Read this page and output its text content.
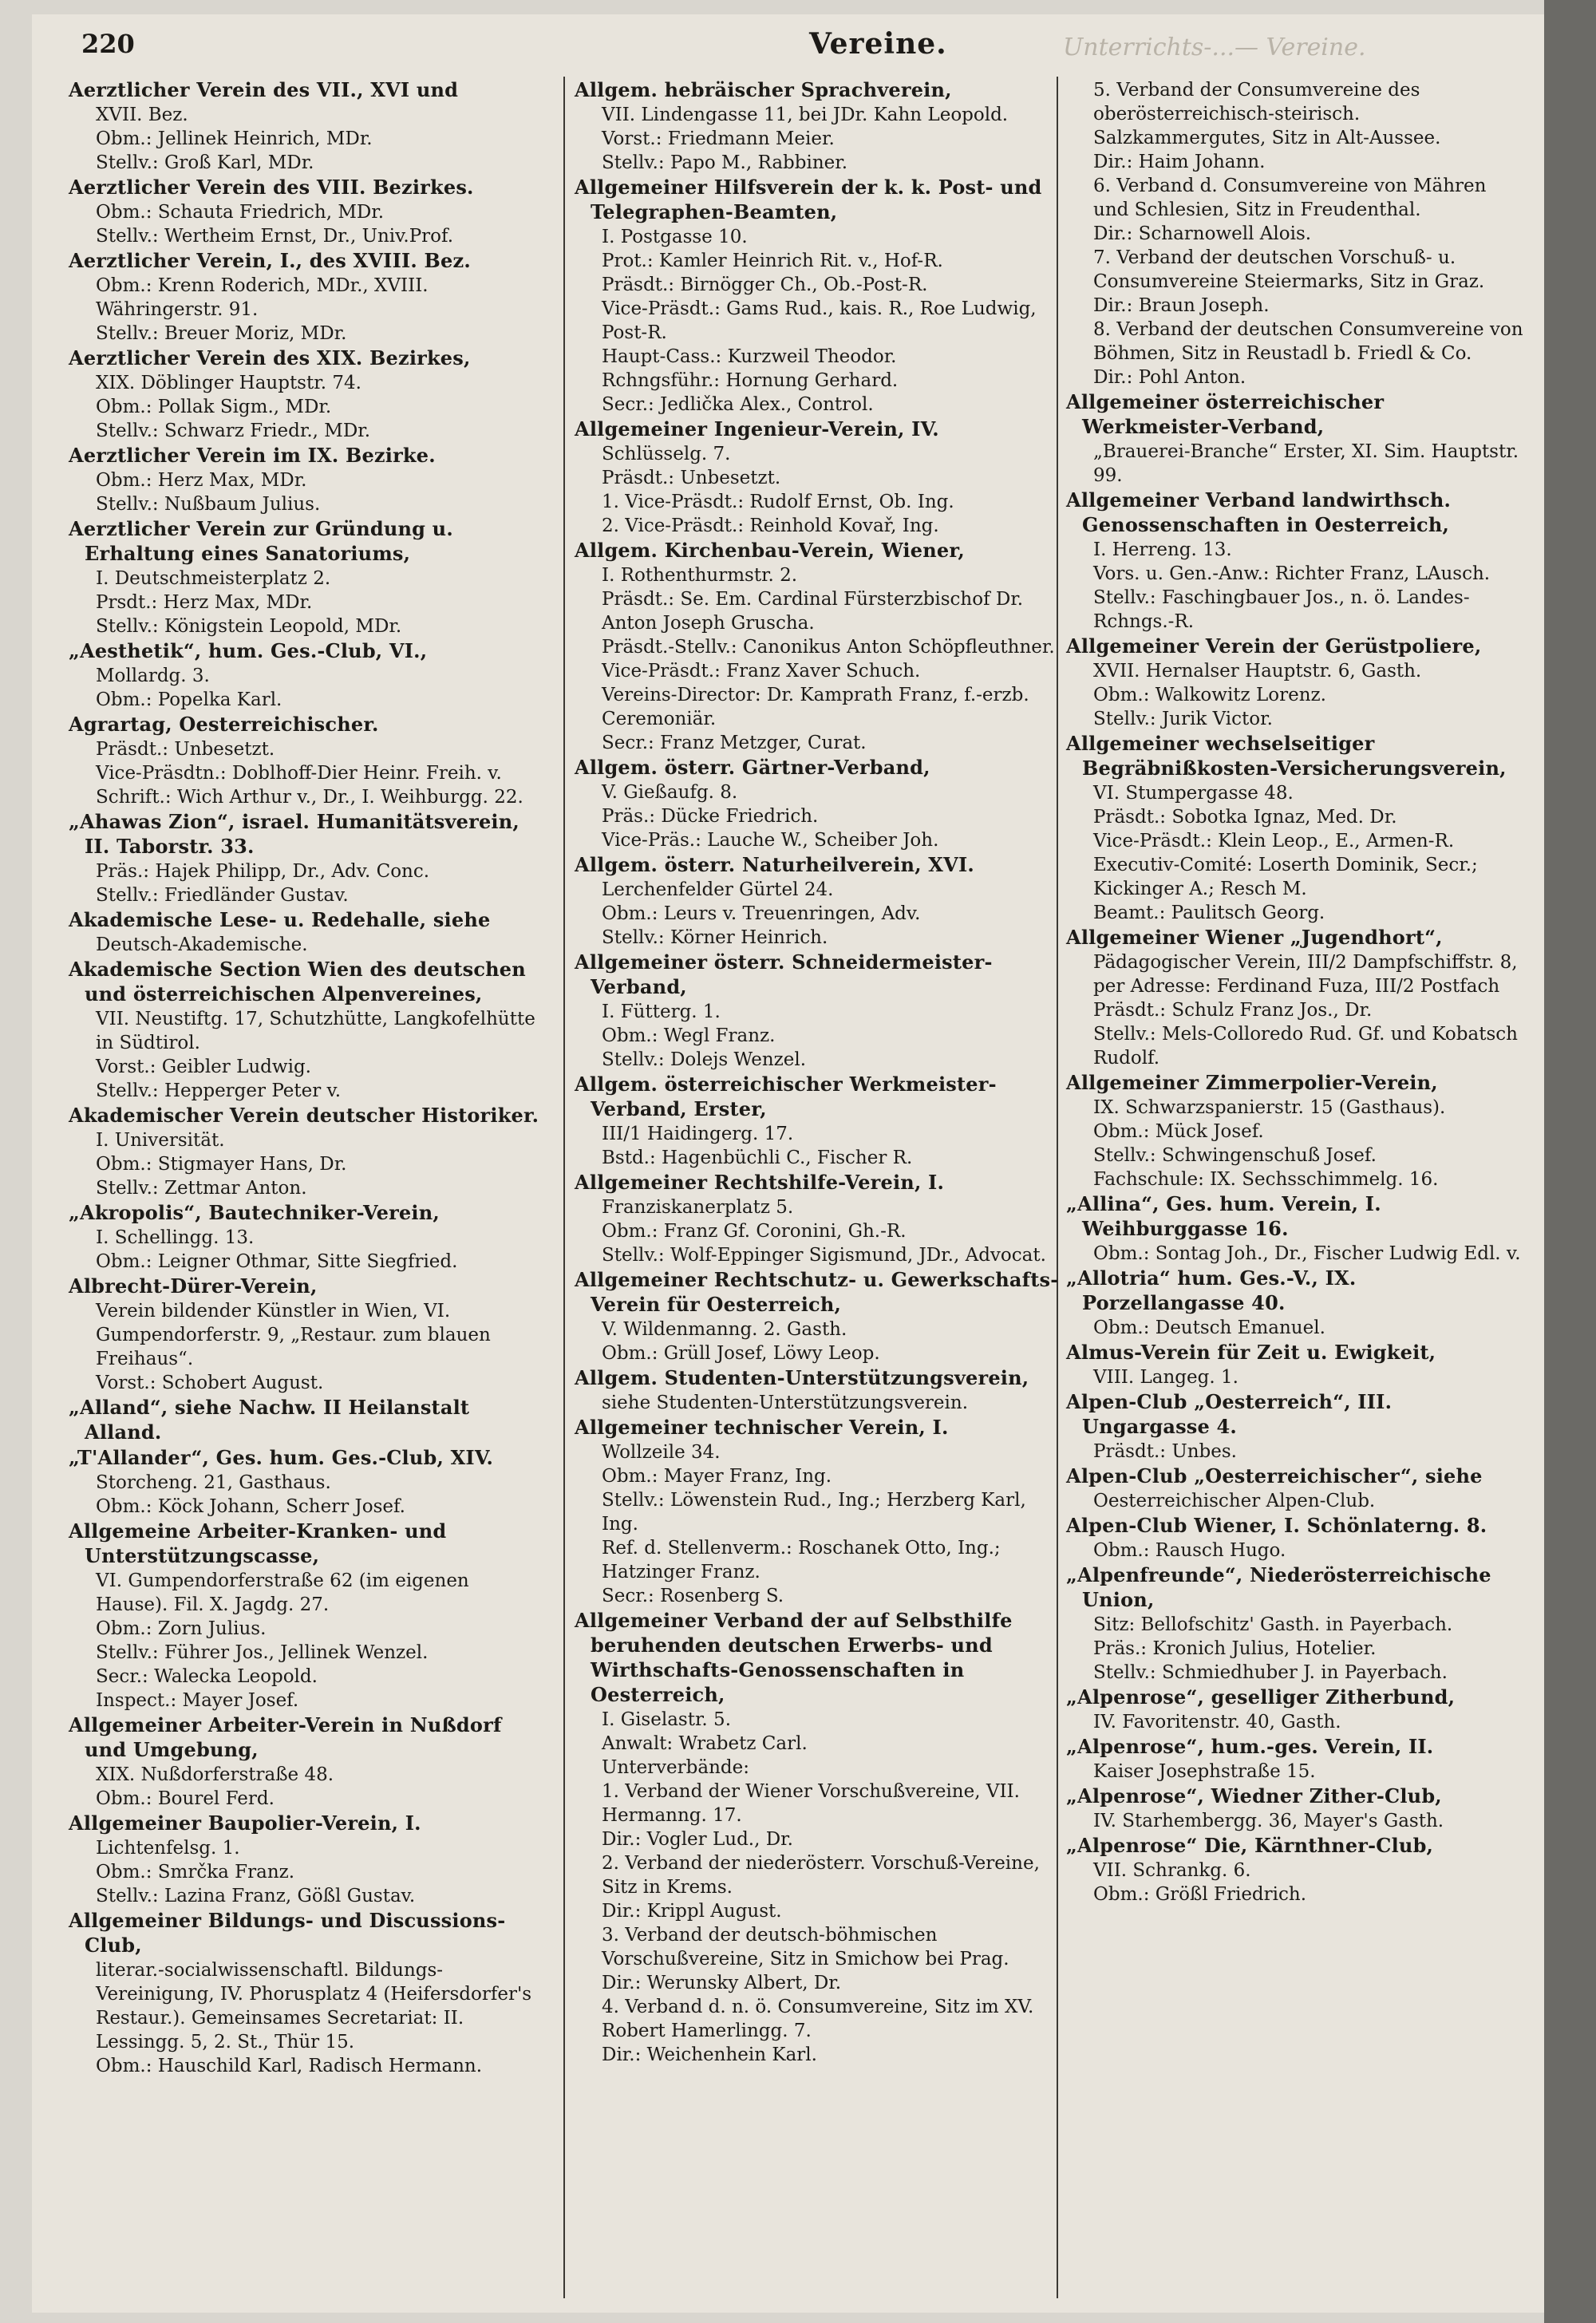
220	Vereine.	Unterrichts-...— Vereine.
Aerztlicher Verein des VII., XVI und
XVII. Bez.
Obm.: Jellinek Heinrich, MDr.
Stellv.: Groß Karl, MDr.
Aerztlicher Verein des VIII. Bezirkes.
Obm.: Schauta Friedrich, MDr.
Stellv.: Wertheim Ernst, Dr., Univ.Prof.
Aerztlicher Verein, I., des XVIII. Bez.
Obm.: Krenn Roderich, MDr., XVIII. Währingerstr. 91.
Stellv.: Breuer Moriz, MDr.
Aerztlicher Verein des XIX. Bezirkes,
XIX. Döblinger Hauptstr. 74.
Obm.: Pollak Sigm., MDr.
Stellv.: Schwarz Friedr., MDr.
Aerztlicher Verein im IX. Bezirke.
Obm.: Herz Max, MDr.
Stellv.: Nußbaum Julius.
Aerztlicher Verein zur Gründung u. Erhaltung eines Sanatoriums,
I. Deutschmeisterplatz 2.
Prsdt.: Herz Max, MDr.
Stellv.: Königstein Leopold, MDr.
„Aesthetik“, hum. Ges.-Club, VI.,
Mollardg. 3.
Obm.: Popelka Karl.
Agrartag, Oesterreichischer.
Präsdt.: Unbesetzt.
Vice-Präsdtn.: Doblhoff-Dier Heinr. Freih. v.
Schrift.: Wich Arthur v., Dr., I. Weihburgg. 22.
„Ahawas Zion“, israel. Humanitätsverein, II. Taborstr. 33.
Präs.: Hajek Philipp, Dr., Adv. Conc.
Stellv.: Friedländer Gustav.
Akademische Lese- u. Redehalle, siehe
Deutsch-Akademische.
Akademische Section Wien des deutschen und österreichischen Alpenvereines,
VII. Neustiftg. 17, Schutzhütte, Langkofelhütte in Südtirol.
Vorst.: Geibler Ludwig.
Stellv.: Hepperger Peter v.
Akademischer Verein deutscher Historiker.
I. Universität.
Obm.: Stigmayer Hans, Dr.
Stellv.: Zettmar Anton.
„Akropolis“, Bautechniker-Verein,
I. Schellingg. 13.
Obm.: Leigner Othmar, Sitte Siegfried.
Albrecht-Dürer-Verein,
Verein bildender Künstler in Wien, VI. Gumpendorferstr. 9, „Restaur. zum blauen Freihaus“.
Vorst.: Schobert August.
„Alland“, siehe Nachw. II Heilanstalt Alland.
„T'Allander“, Ges. hum. Ges.-Club, XIV.
Storcheng. 21, Gasthaus.
Obm.: Köck Johann, Scherr Josef.
Allgemeine Arbeiter-Kranken- und Unterstützungscasse,
VI. Gumpendorferstraße 62 (im eigenen Hause). Fil. X. Jagdg. 27.
Obm.: Zorn Julius.
Stellv.: Führer Jos., Jellinek Wenzel.
Secr.: Walecka Leopold.
Inspect.: Mayer Josef.
Allgemeiner Arbeiter-Verein in Nußdorf und Umgebung,
XIX. Nußdorferstraße 48.
Obm.: Bourel Ferd.
Allgemeiner Baupolier-Verein, I.
Lichtenfelsg. 1.
Obm.: Smrčka Franz.
Stellv.: Lazina Franz, Gößl Gustav.
Allgemeiner Bildungs- und Discussions-Club,
literar.-socialwissenschaftl. Bildungs-Vereinigung, IV. Phorusplatz 4 (Heifersdorfer's Restaur.). Gemeinsames Secretariat: II. Lessingg. 5, 2. St., Thür 15.
Obm.: Hauschild Karl, Radisch Hermann.
Allgem. hebräischer Sprachverein,
VII. Lindengasse 11, bei JDr. Kahn Leopold.
Vorst.: Friedmann Meier.
Stellv.: Papo M., Rabbiner.
Allgemeiner Hilfsverein der k. k. Post- und Telegraphen-Beamten,
I. Postgasse 10.
Prot.: Kamler Heinrich Rit. v., Hof-R.
Präsdt.: Birnögger Ch., Ob.-Post-R.
Vice-Präsdt.: Gams Rud., kais. R., Roe Ludwig, Post-R.
Haupt-Cass.: Kurzweil Theodor.
Rchngsführ.: Hornung Gerhard.
Secr.: Jedlička Alex., Control.
Allgemeiner Ingenieur-Verein, IV.
Schlüsselg. 7.
Präsdt.: Unbesetzt.
1. Vice-Präsdt.: Rudolf Ernst, Ob. Ing.
2. Vice-Präsdt.: Reinhold Kovař, Ing.
Allgem. Kirchenbau-Verein, Wiener,
I. Rothenthurmstr. 2.
Präsdt.: Se. Em. Cardinal Fürsterzbischof Dr. Anton Joseph Gruscha.
Präsdt.-Stellv.: Canonikus Anton Schöpfleuthner.
Vice-Präsdt.: Franz Xaver Schuch.
Vereins-Director: Dr. Kamprath Franz, f.-erzb. Ceremoniär.
Secr.: Franz Metzger, Curat.
Allgem. österr. Gärtner-Verband,
V. Gießaufg. 8.
Präs.: Dücke Friedrich.
Vice-Präs.: Lauche W., Scheiber Joh.
Allgem. österr. Naturheilverein, XVI.
Lerchenfelder Gürtel 24.
Obm.: Leurs v. Treuenringen, Adv.
Stellv.: Körner Heinrich.
Allgemeiner österr. Schneidermeister-Verband,
I. Fütterg. 1.
Obm.: Wegl Franz.
Stellv.: Dolejs Wenzel.
Allgem. österreichischer Werkmeister-Verband, Erster,
III/1 Haidingerg. 17.
Bstd.: Hagenbüchli C., Fischer R.
Allgemeiner Rechtshilfe-Verein, I.
Franziskanerplatz 5.
Obm.: Franz Gf. Coronini, Gh.-R.
Stellv.: Wolf-Eppinger Sigismund, JDr., Advocat.
Allgemeiner Rechtschutz- u. Gewerkschafts-Verein für Oesterreich,
V. Wildenmanng. 2. Gasth.
Obm.: Grüll Josef, Löwy Leop.
Allgem. Studenten-Unterstützungsverein,
siehe Studenten-Unterstützungsverein.
Allgemeiner technischer Verein, I.
Wollzeile 34.
Obm.: Mayer Franz, Ing.
Stellv.: Löwenstein Rud., Ing.; Herzberg Karl, Ing.
Ref. d. Stellenverm.: Roschanek Otto, Ing.; Hatzinger Franz.
Secr.: Rosenberg S.
Allgemeiner Verband der auf Selbsthilfe beruhenden deutschen Erwerbs- und Wirthschafts-Genossenschaften in Oesterreich,
I. Giselastr. 5.
Anwalt: Wrabetz Carl.
Unterverbände:
1. Verband der Wiener Vorschußvereine, VII. Hermanng. 17.
Dir.: Vogler Lud., Dr.
2. Verband der niederösterr. Vorschuß-Vereine, Sitz in Krems.
Dir.: Krippl August.
3. Verband der deutsch-böhmischen Vorschußvereine, Sitz in Smichow bei Prag.
Dir.: Werunsky Albert, Dr.
4. Verband d. n. ö. Consumvereine, Sitz im XV. Robert Hamerlingg. 7.
Dir.: Weichenhein Karl.
5. Verband der Consumvereine des oberösterreichisch-steirisch. Salzkammergutes, Sitz in Alt-Aussee.
Dir.: Haim Johann.
6. Verband d. Consumvereine von Mähren und Schlesien, Sitz in Freudenthal.
Dir.: Scharnowell Alois.
7. Verband der deutschen Vorschuß- u. Consumvereine Steiermarks, Sitz in Graz.
Dir.: Braun Joseph.
8. Verband der deutschen Consumvereine von Böhmen, Sitz in Reustadl b. Friedl & Co.
Dir.: Pohl Anton.
Allgemeiner österreichischer Werkmeister-Verband,
„Brauerei-Branche“ Erster, XI. Sim. Hauptstr. 99.
Allgemeiner Verband landwirthsch. Genossenschaften in Oesterreich,
I. Herreng. 13.
Vors. u. Gen.-Anw.: Richter Franz, LAusch.
Stellv.: Faschingbauer Jos., n. ö. Landes-Rchngs.-R.
Allgemeiner Verein der Gerüstpoliere,
XVII. Hernalser Hauptstr. 6, Gasth.
Obm.: Walkowitz Lorenz.
Stellv.: Jurik Victor.
Allgemeiner wechselseitiger Begräbnißkosten-Versicherungsverein,
VI. Stumpergasse 48.
Präsdt.: Sobotka Ignaz, Med. Dr.
Vice-Präsdt.: Klein Leop., E., Armen-R.
Executiv-Comité: Loserth Dominik, Secr.; Kickinger A.; Resch M.
Beamt.: Paulitsch Georg.
Allgemeiner Wiener „Jugendhort“,
Pädagogischer Verein, III/2 Dampfschiffstr. 8, per Adresse: Ferdinand Fuza, III/2 Postfach
Präsdt.: Schulz Franz Jos., Dr.
Stellv.: Mels-Colloredo Rud. Gf. und Kobatsch Rudolf.
Allgemeiner Zimmerpolier-Verein,
IX. Schwarzspanierstr. 15 (Gasthaus).
Obm.: Mück Josef.
Stellv.: Schwingenschuß Josef.
Fachschule: IX. Sechsschimmelg. 16.
„Allina“, Ges. hum. Verein, I. Weihburggasse 16.
Obm.: Sontag Joh., Dr., Fischer Ludwig Edl. v.
„Allotria“ hum. Ges.-V., IX. Porzellangasse 40.
Obm.: Deutsch Emanuel.
Almus-Verein für Zeit u. Ewigkeit,
VIII. Langeg. 1.
Alpen-Club „Oesterreich“, III. Ungargasse 4.
Präsdt.: Unbes.
Alpen-Club „Oesterreichischer“, siehe
Oesterreichischer Alpen-Club.
Alpen-Club Wiener, I. Schönlaterng. 8.
Obm.: Rausch Hugo.
„Alpenfreunde“, Niederösterreichische Union,
Sitz: Bellofschitz' Gasth. in Payerbach.
Präs.: Kronich Julius, Hotelier.
Stellv.: Schmiedhuber J. in Payerbach.
„Alpenrose“, geselliger Zitherbund,
IV. Favoritenstr. 40, Gasth.
„Alpenrose“, hum.-ges. Verein, II.
Kaiser Josephstraße 15.
„Alpenrose“, Wiedner Zither-Club,
IV. Starhembergg. 36, Mayer's Gasth.
„Alpenrose“ Die, Kärnthner-Club,
VII. Schrankg. 6.
Obm.: Größl Friedrich.
